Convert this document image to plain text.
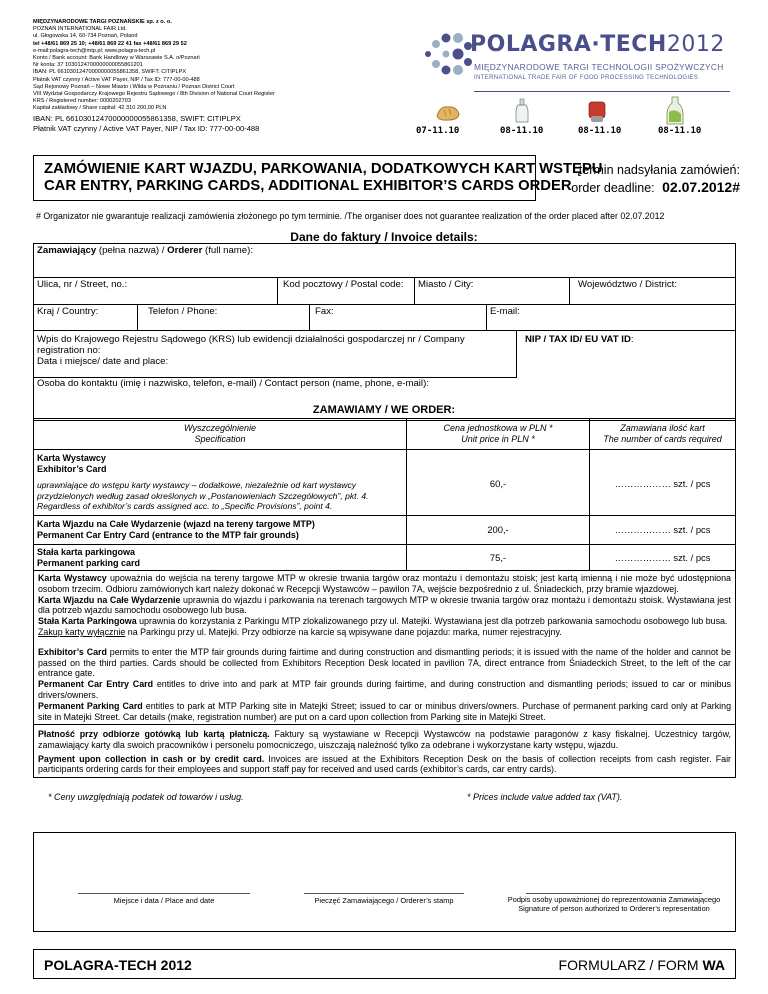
MIĘDZYNARODOWE TARGI POZNAŃSKIE sp. z o. o.
POZNAŃ INTERNATIONAL FAIR Ltd.
ul. Głogowska 14, 60-734 Poznań, Poland
tel +48/61 869 25 10; +48/61 869 22 41 fax +48/61 869 29 52
e-mail:polagra-tech@mtp.pl; www.polagra-tech.pl
Konto / Bank account: Bank Handlowy w Warszawie S.A. o/Poznań
Nr konta: 37 1030124700000000055861201
IBAN: PL 66103012470000000055861358, SWIFT: CITIPLPX
Płatnik VAT czynny / Active VAT Payer, NIP / Tax ID: 777-00-00-488
Sąd Rejonowy Poznań – Nowe Miasto i Wilda w Poznaniu / Poznan District Court
VIII Wydział Gospodarczy Krajowego Rejestru Sądowego / 8th Division of National Court Register
KRS / Registered number: 0000202703
Kapitał zakładowy / Share capital: 42 310 200,00 PLN
IBAN: PL 66103012470000000055861358, SWIFT: CITIPLPX
Płatnik VAT czynny / Active VAT Payer, NIP / Tax ID: 777-00-00-488
POLAGRA·TECH2012
MIĘDZYNARODOWE TARGI TECHNOLOGII SPOŻYWCZYCH
INTERNATIONAL TRADE FAIR OF FOOD PROCESSING TECHNOLOGIES
07-11.10	08-11.10	08-11.10	08-11.10
ZAMÓWIENIE KART WJAZDU, PARKOWANIA, DODATKOWYCH KART WSTĘPU
CAR ENTRY, PARKING CARDS, ADDITIONAL EXHIBITOR’S CARDS ORDER
termin nadsyłania zamówień:
order deadline: 02.07.2012#
# Organizator nie gwarantuje realizacji zamówienia złożonego po tym terminie. /The organiser does not guarantee realization of the order placed after 02.07.2012
Dane do faktury / Invoice details:
Zamawiający (pełna nazwa) / Orderer (full name):
Ulica, nr / Street, no.:	Kod pocztowy / Postal code:	Miasto / City:	Województwo / District:
Kraj / Country:	Telefon / Phone:	Fax:	E-mail:
Wpis do Krajowego Rejestru Sądowego (KRS) lub ewidencji działalności gospodarczej nr / Company registration no:
Data i miejsce/ date and place:
NIP / TAX ID/ EU VAT ID:
Osoba do kontaktu (imię i nazwisko, telefon, e-mail) / Contact person (name, phone, e-mail):
ZAMAWIAMY / WE ORDER:
Wyszczególnienie
Specification
Cena jednostkowa w PLN *
Unit price in PLN *
Zamawiana ilość kart
The number of cards required
Karta Wystawcy
Exhibitor’s Card
uprawniające do wstępu karty wystawcy – dodatkowe, niezależnie od kart wystawcy przydzielonych według zasad określonych w „Postanowieniach Szczegółowych”, pkt. 4. Regardless of exhibitor’s cards assigned acc. to „Specific Provisions”, point 4.
60,-	……………… szt. / pcs
Karta Wjazdu na Całe Wydarzenie (wjazd na tereny targowe MTP)
Permanent Car Entry Card (entrance to the MTP fair grounds)	200,-	……………… szt. / pcs
Stała karta parkingowa
Permanent parking card	75,-	……………… szt. / pcs
Karta Wystawcy upoważnia do wejścia na tereny targowe MTP w okresie trwania targów oraz montażu i demontażu stoisk; jest kartą imienną i nie może być udostępniona osobom trzecim. Odbioru zamówionych kart należy dokonać w Recepcji Wystawców – pawilon 7A, wejście bezpośrednio z ul. Śniadeckich, przy bramie wjazdowej.
Karta Wjazdu na Całe Wydarzenie uprawnia do wjazdu i parkowania na terenach targowych MTP w okresie trwania targów oraz montażu i demontażu stoisk. Wystawiana jest dla potrzeb wjazdu samochodu osobowego lub busa.
Stała Karta Parkingowa uprawnia do korzystania z Parkingu MTP zlokalizowanego przy ul. Matejki. Wystawiana jest dla potrzeb parkowania samochodu osobowego lub busa.
Zakup karty wyłącznie na Parkingu przy ul. Matejki. Przy odbiorze na karcie są wpisywane dane pojazdu: marka, numer rejestracyjny.
Exhibitor’s Card permits to enter the MTP fair grounds during fairtime and during construction and dismantling periods; it is issued with the name of the holder and cannot be passed on the third parties. Cards should be collected from Exhibitors Reception Desk located in pavilion 7A, direct entrance from Śniadeckich Street, to the left of the car entrance gate.
Permanent Car Entry Card entitles to drive into and park at MTP fair grounds during fairtime, and during construction and dismantling periods; issued to car or minibus drivers/owners.
Permanent Parking Card entitles to park at MTP Parking site in Matejki Street; issued to car or minibus drivers/owners. Purchase of permanent parking card only at Parking site in Matejki Street. Car details (make, registration number) are put on a card upon collection from Parking site in Matejki Street.
Płatność przy odbiorze gotówką lub kartą płatniczą. Faktury są wystawiane w Recepcji Wystawców na podstawie paragonów z kasy fiskalnej. Uczestnicy targów, zamawiający karty dla swoich pracowników i personelu pomocniczego, uiszczają należność tylko za odebrane i wykorzystane karty wstępu, wjazdu.
Payment upon collection in cash or by credit card. Invoices are issued at the Exhibitors Reception Desk on the basis of collection receipts from cash register. Fair participants ordering cards for their employees and support staff pay for received and used cards (exhibitor’s cards, car entry cards).
* Ceny uwzględniają podatek od towarów i usług.	* Prices include value added tax (VAT).
Miejsce i data / Place and date	Pieczęć Zamawiającego / Orderer’s stamp	Podpis osoby upoważnionej do reprezentowania Zamawiającego Signature of person authorized to Orderer’s representation
POLAGRA-TECH 2012	FORMULARZ / FORM WA
